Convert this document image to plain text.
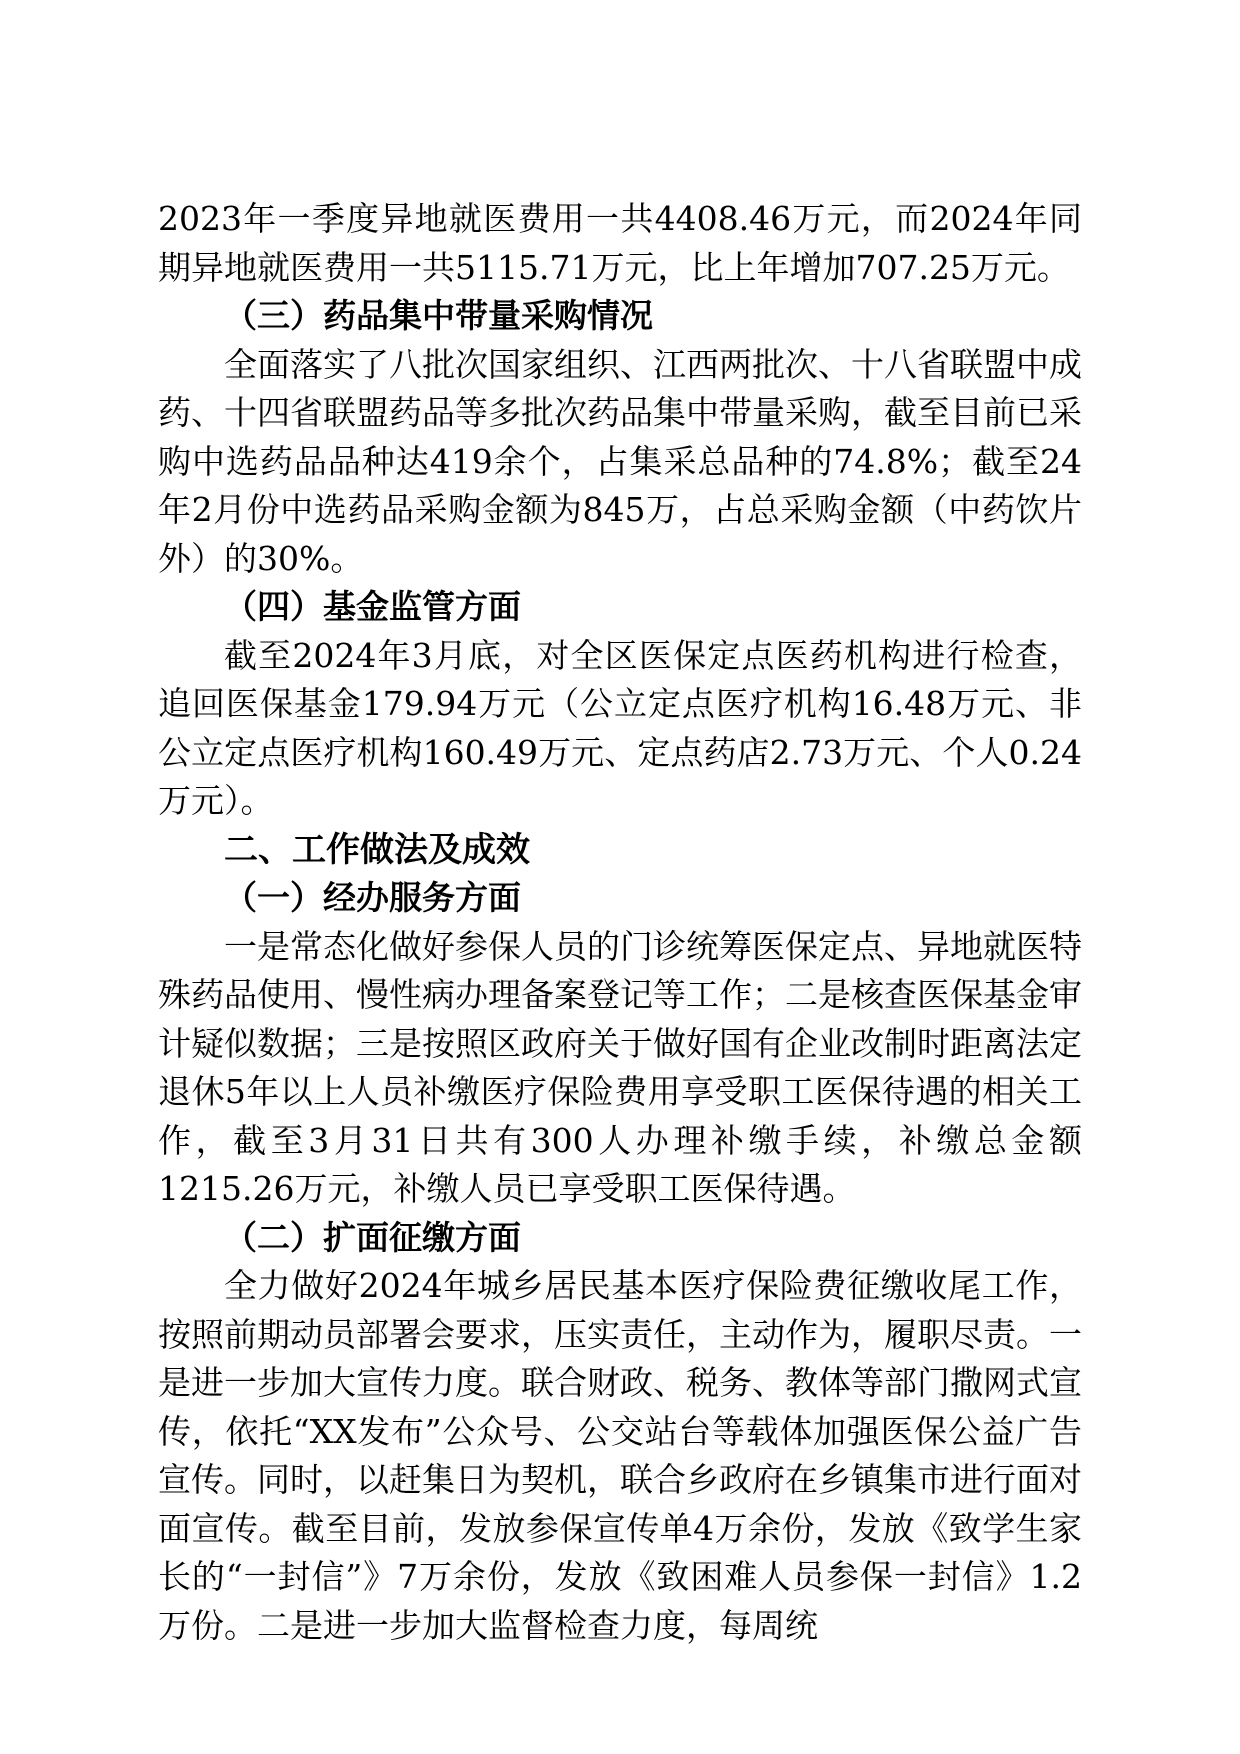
2023年一季度异地就医费用一共4408.46万元，而2024年同期异地就医费用一共5115.71万元，比上年增加707.25万元。

（三）药品集中带量采购情况

全面落实了八批次国家组织、江西两批次、十八省联盟中成药、十四省联盟药品等多批次药品集中带量采购，截至目前已采购中选药品品种达419余个，占集采总品种的74.8%；截至24年2月份中选药品采购金额为845万，占总采购金额（中药饮片外）的30%。

（四）基金监管方面

截至2024年3月底，对全区医保定点医药机构进行检查，追回医保基金179.94万元（公立定点医疗机构16.48万元、非公立定点医疗机构160.49万元、定点药店2.73万元、个人0.24万元）。

二、工作做法及成效

（一）经办服务方面

一是常态化做好参保人员的门诊统筹医保定点、异地就医特殊药品使用、慢性病办理备案登记等工作；二是核查医保基金审计疑似数据；三是按照区政府关于做好国有企业改制时距离法定退休5年以上人员补缴医疗保险费用享受职工医保待遇的相关工作，截至3月31日共有300人办理补缴手续，补缴总金额1215.26万元，补缴人员已享受职工医保待遇。

（二）扩面征缴方面

全力做好2024年城乡居民基本医疗保险费征缴收尾工作，按照前期动员部署会要求，压实责任，主动作为，履职尽责。一是进一步加大宣传力度。联合财政、税务、教体等部门撒网式宣传，依托“XX发布”公众号、公交站台等载体加强医保公益广告宣传。同时，以赶集日为契机，联合乡政府在乡镇集市进行面对面宣传。截至目前，发放参保宣传单4万余份，发放《致学生家长的“一封信”》7万余份，发放《致困难人员参保一封信》1.2万份。二是进一步加大监督检查力度，每周统
